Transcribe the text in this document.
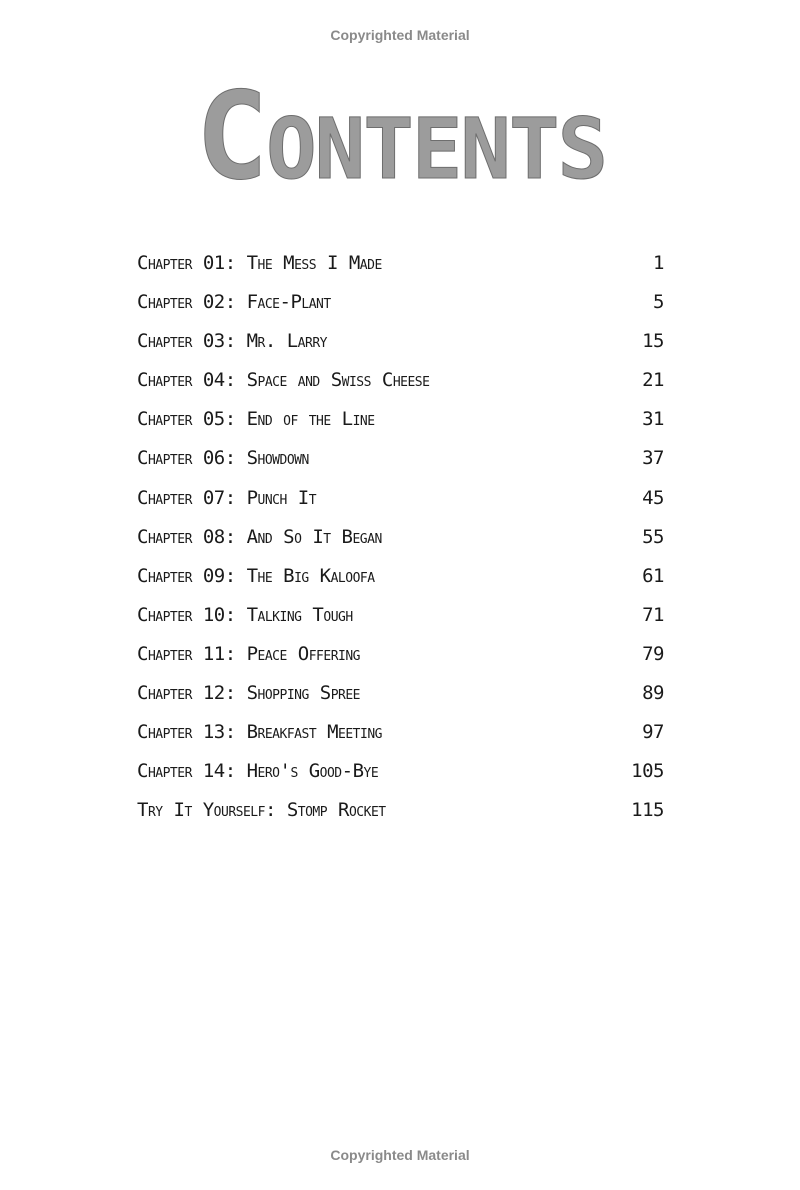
Copyrighted Material
Contents
Chapter 01: The Mess I Made	1
Chapter 02: Face-Plant	5
Chapter 03: Mr. Larry	15
Chapter 04: Space and Swiss Cheese	21
Chapter 05: End of the Line	31
Chapter 06: Showdown	37
Chapter 07: Punch It	45
Chapter 08: And So It Began	55
Chapter 09: The Big Kaloofa	61
Chapter 10: Talking Tough	71
Chapter 11: Peace Offering	79
Chapter 12: Shopping Spree	89
Chapter 13: Breakfast Meeting	97
Chapter 14: Hero's Good-Bye	105
Try It Yourself: Stomp Rocket	115
Copyrighted Material
